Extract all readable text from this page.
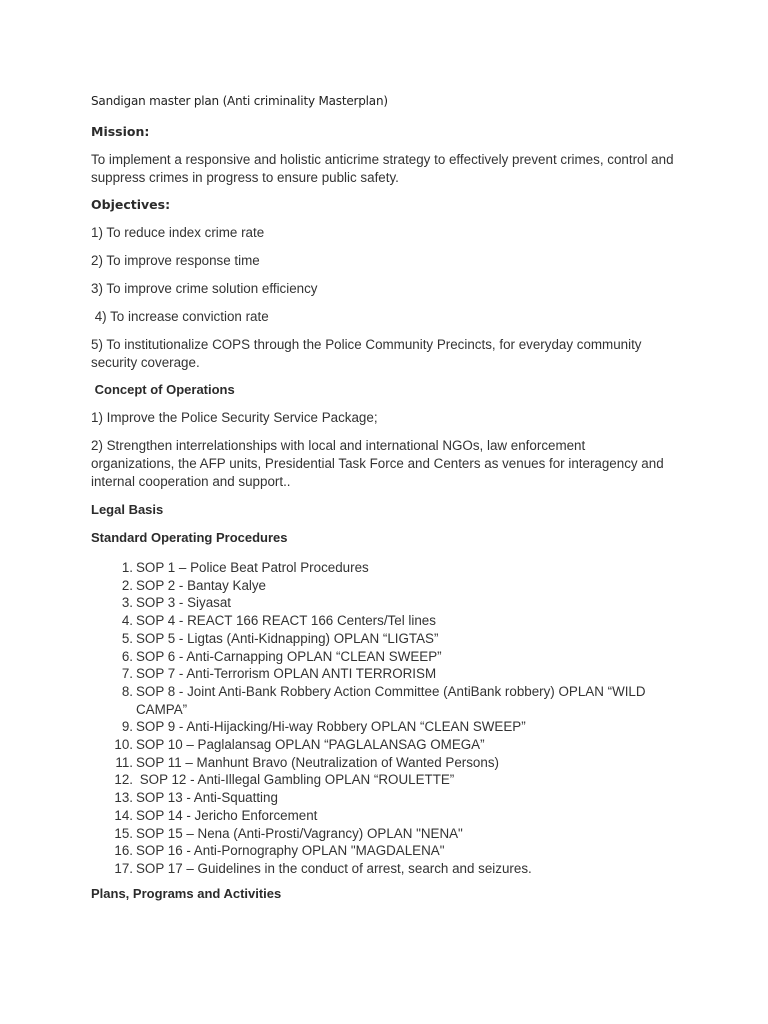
Sandigan master plan (Anti criminality Masterplan)
Mission:
To implement a responsive and holistic anticrime strategy to effectively prevent crimes, control and suppress crimes in progress to ensure public safety.
Objectives:
1) To reduce index crime rate
2) To improve response time
3) To improve crime solution efficiency
4) To increase conviction rate
5) To institutionalize COPS through the Police Community Precincts, for everyday community security coverage.
Concept of Operations
1) Improve the Police Security Service Package;
2) Strengthen interrelationships with local and international NGOs, law enforcement organizations, the AFP units, Presidential Task Force and Centers as venues for interagency and internal cooperation and support..
Legal Basis
Standard Operating Procedures
1. SOP 1 – Police Beat Patrol Procedures
2. SOP 2 - Bantay Kalye
3. SOP 3 - Siyasat
4. SOP 4 - REACT 166 REACT 166 Centers/Tel lines
5. SOP 5 - Ligtas (Anti-Kidnapping) OPLAN “LIGTAS”
6. SOP 6 - Anti-Carnapping OPLAN “CLEAN SWEEP”
7. SOP 7 - Anti-Terrorism OPLAN ANTI TERRORISM
8. SOP 8 - Joint Anti-Bank Robbery Action Committee (AntiBank robbery) OPLAN “WILD CAMPA”
9. SOP 9 - Anti-Hijacking/Hi-way Robbery OPLAN “CLEAN SWEEP”
10. SOP 10 – Paglalansag OPLAN “PAGLALANSAG OMEGA”
11. SOP 11 – Manhunt Bravo (Neutralization of Wanted Persons)
12. SOP 12 - Anti-Illegal Gambling OPLAN “ROULETTE”
13. SOP 13 - Anti-Squatting
14. SOP 14 - Jericho Enforcement
15. SOP 15 – Nena (Anti-Prosti/Vagrancy) OPLAN "NENA"
16. SOP 16 - Anti-Pornography OPLAN "MAGDALENA"
17. SOP 17 – Guidelines in the conduct of arrest, search and seizures.
Plans, Programs and Activities
